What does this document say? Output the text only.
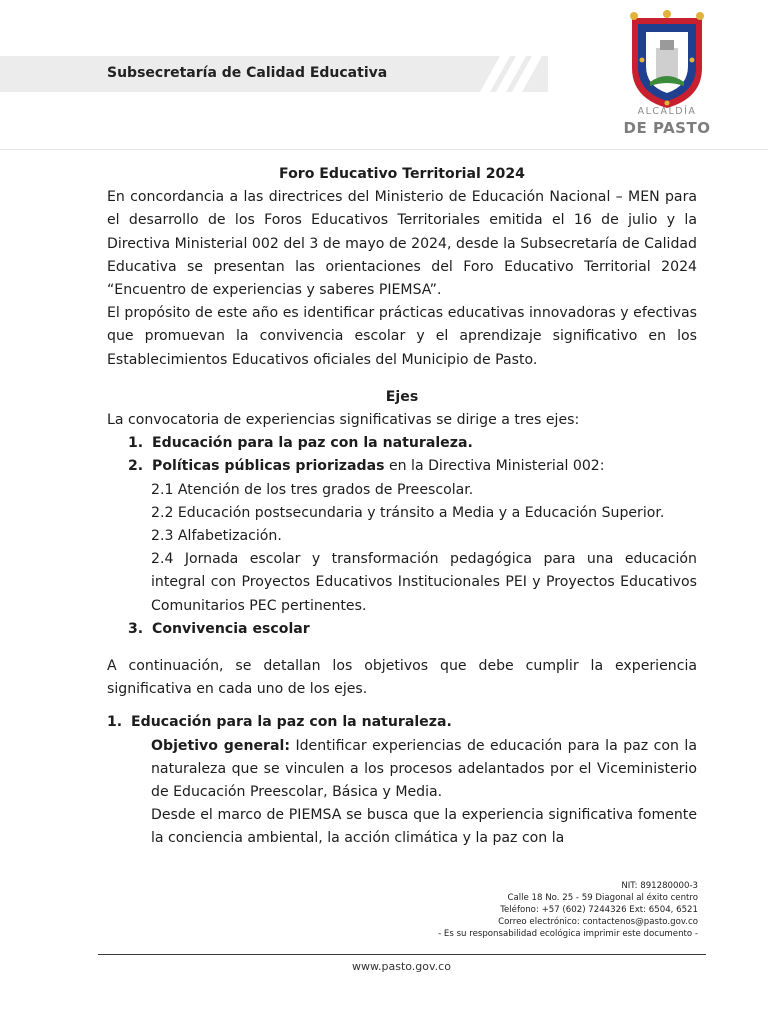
Subsecretaría de Calidad Educativa
ALCALDÍA
DE PASTO

Foro Educativo Territorial 2024

En concordancia a las directrices del Ministerio de Educación Nacional – MEN para el desarrollo de los Foros Educativos Territoriales emitida el 16 de julio y la Directiva Ministerial 002 del 3 de mayo de 2024, desde la Subsecretaría de Calidad Educativa se presentan las orientaciones del Foro Educativo Territorial 2024 “Encuentro de experiencias y saberes PIEMSA”.

El propósito de este año es identificar prácticas educativas innovadoras y efectivas que promuevan la convivencia escolar y el aprendizaje significativo en los Establecimientos Educativos oficiales del Municipio de Pasto.

Ejes

La convocatoria de experiencias significativas se dirige a tres ejes:

1. Educación para la paz con la naturaleza.
2. Políticas públicas priorizadas en la Directiva Ministerial 002:

2.1 Atención de los tres grados de Preescolar.

2.2 Educación postsecundaria y tránsito a Media y a Educación Superior.

2.3 Alfabetización.

2.4 Jornada escolar y transformación pedagógica para una educación integral con Proyectos Educativos Institucionales PEI y Proyectos Educativos Comunitarios PEC pertinentes.

3. Convivencia escolar

A continuación, se detallan los objetivos que debe cumplir la experiencia significativa en cada uno de los ejes.

1. Educación para la paz con la naturaleza.

Objetivo general: Identificar experiencias de educación para la paz con la naturaleza que se vinculen a los procesos adelantados por el Viceministerio de Educación Preescolar, Básica y Media.

Desde el marco de PIEMSA se busca que la experiencia significativa fomente la conciencia ambiental, la acción climática y la paz con la

NIT: 891280000-3
Calle 18 No. 25 - 59 Diagonal al éxito centro
Teléfono: +57 (602) 7244326 Ext: 6504, 6521
Correo electrónico: contactenos@pasto.gov.co
- Es su responsabilidad ecológica imprimir este documento -
www.pasto.gov.co
